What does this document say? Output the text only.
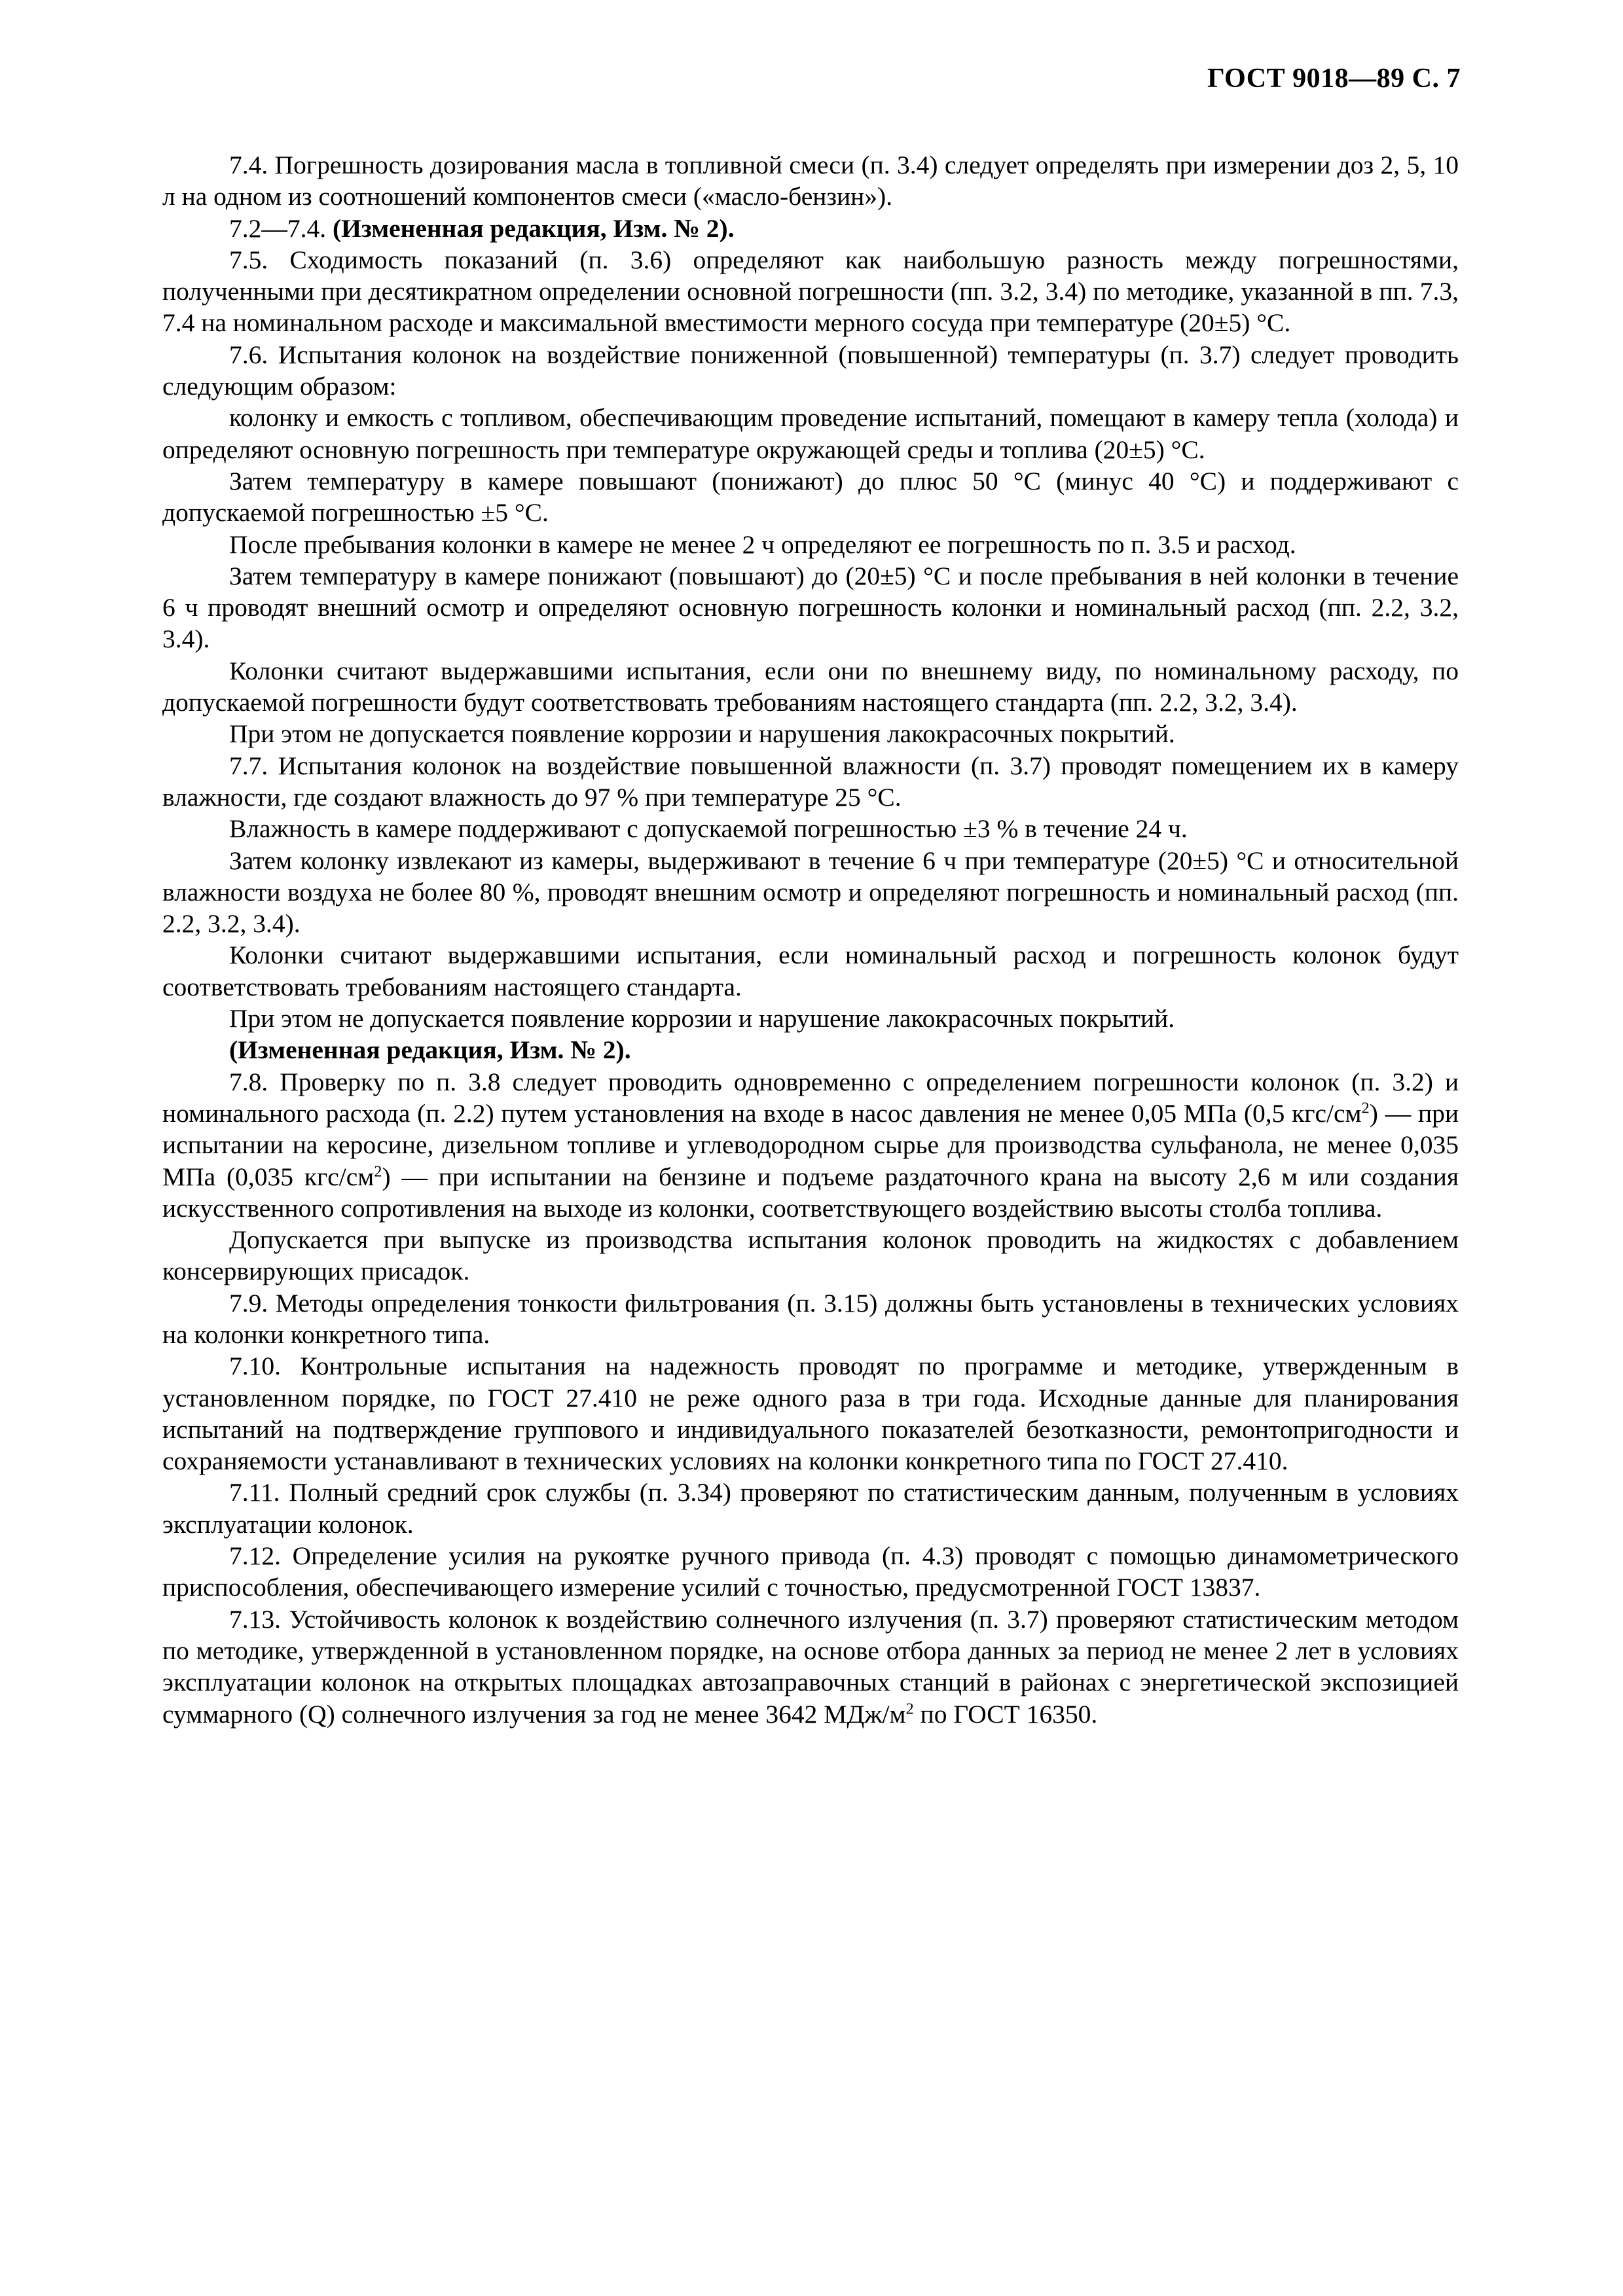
ГОСТ 9018—89 С. 7

7.4. Погрешность дозирования масла в топливной смеси (п. 3.4) следует определять при измерении доз 2, 5, 10 л на одном из соотношений компонентов смеси («масло-бензин»).

7.2—7.4. (Измененная редакция, Изм. № 2).

7.5. Сходимость показаний (п. 3.6) определяют как наибольшую разность между погрешностями, полученными при десятикратном определении основной погрешности (пп. 3.2, 3.4) по методике, указанной в пп. 7.3, 7.4 на номинальном расходе и максимальной вместимости мерного сосуда при температуре (20±5) °С.

7.6. Испытания колонок на воздействие пониженной (повышенной) температуры (п. 3.7) следует проводить следующим образом:

колонку и емкость с топливом, обеспечивающим проведение испытаний, помещают в камеру тепла (холода) и определяют основную погрешность при температуре окружающей среды и топлива (20±5) °С.

Затем температуру в камере повышают (понижают) до плюс 50 °С (минус 40 °С) и поддерживают с допускаемой погрешностью ±5 °С.

После пребывания колонки в камере не менее 2 ч определяют ее погрешность по п. 3.5 и расход.

Затем температуру в камере понижают (повышают) до (20±5) °С и после пребывания в ней колонки в течение 6 ч проводят внешний осмотр и определяют основную погрешность колонки и номинальный расход (пп. 2.2, 3.2, 3.4).

Колонки считают выдержавшими испытания, если они по внешнему виду, по номинальному расходу, по допускаемой погрешности будут соответствовать требованиям настоящего стандарта (пп. 2.2, 3.2, 3.4).

При этом не допускается появление коррозии и нарушения лакокрасочных покрытий.

7.7. Испытания колонок на воздействие повышенной влажности (п. 3.7) проводят помещением их в камеру влажности, где создают влажность до 97 % при температуре 25 °С.

Влажность в камере поддерживают с допускаемой погрешностью ±3 % в течение 24 ч.

Затем колонку извлекают из камеры, выдерживают в течение 6 ч при температуре (20±5) °С и относительной влажности воздуха не более 80 %, проводят внешним осмотр и определяют погрешность и номинальный расход (пп. 2.2, 3.2, 3.4).

Колонки считают выдержавшими испытания, если номинальный расход и погрешность колонок будут соответствовать требованиям настоящего стандарта.

При этом не допускается появление коррозии и нарушение лакокрасочных покрытий.

(Измененная редакция, Изм. № 2).

7.8. Проверку по п. 3.8 следует проводить одновременно с определением погрешности колонок (п. 3.2) и номинального расхода (п. 2.2) путем установления на входе в насос давления не менее 0,05 МПа (0,5 кгс/$см^2$) — при испытании на керосине, дизельном топливе и углеводородном сырье для производства сульфанола, не менее 0,035 МПа (0,035 кгс/$см^2$) — при испытании на бензине и подъеме раздаточного крана на высоту 2,6 м или создания искусственного сопротивления на выходе из колонки, соответствующего воздействию высоты столба топлива.

Допускается при выпуске из производства испытания колонок проводить на жидкостях с добавлением консервирующих присадок.

7.9. Методы определения тонкости фильтрования (п. 3.15) должны быть установлены в технических условиях на колонки конкретного типа.

7.10. Контрольные испытания на надежность проводят по программе и методике, утвержденным в установленном порядке, по ГОСТ 27.410 не реже одного раза в три года. Исходные данные для планирования испытаний на подтверждение группового и индивидуального показателей безотказности, ремонтопригодности и сохраняемости устанавливают в технических условиях на колонки конкретного типа по ГОСТ 27.410.

7.11. Полный средний срок службы (п. 3.34) проверяют по статистическим данным, полученным в условиях эксплуатации колонок.

7.12. Определение усилия на рукоятке ручного привода (п. 4.3) проводят с помощью динамометрического приспособления, обеспечивающего измерение усилий с точностью, предусмотренной ГОСТ 13837.

7.13. Устойчивость колонок к воздействию солнечного излучения (п. 3.7) проверяют статистическим методом по методике, утвержденной в установленном порядке, на основе отбора данных за период не менее 2 лет в условиях эксплуатации колонок на открытых площадках автозаправочных станций в районах с энергетической экспозицией суммарного (Q) солнечного излучения за год не менее 3642 МДж/$м^2$ по ГОСТ 16350.
